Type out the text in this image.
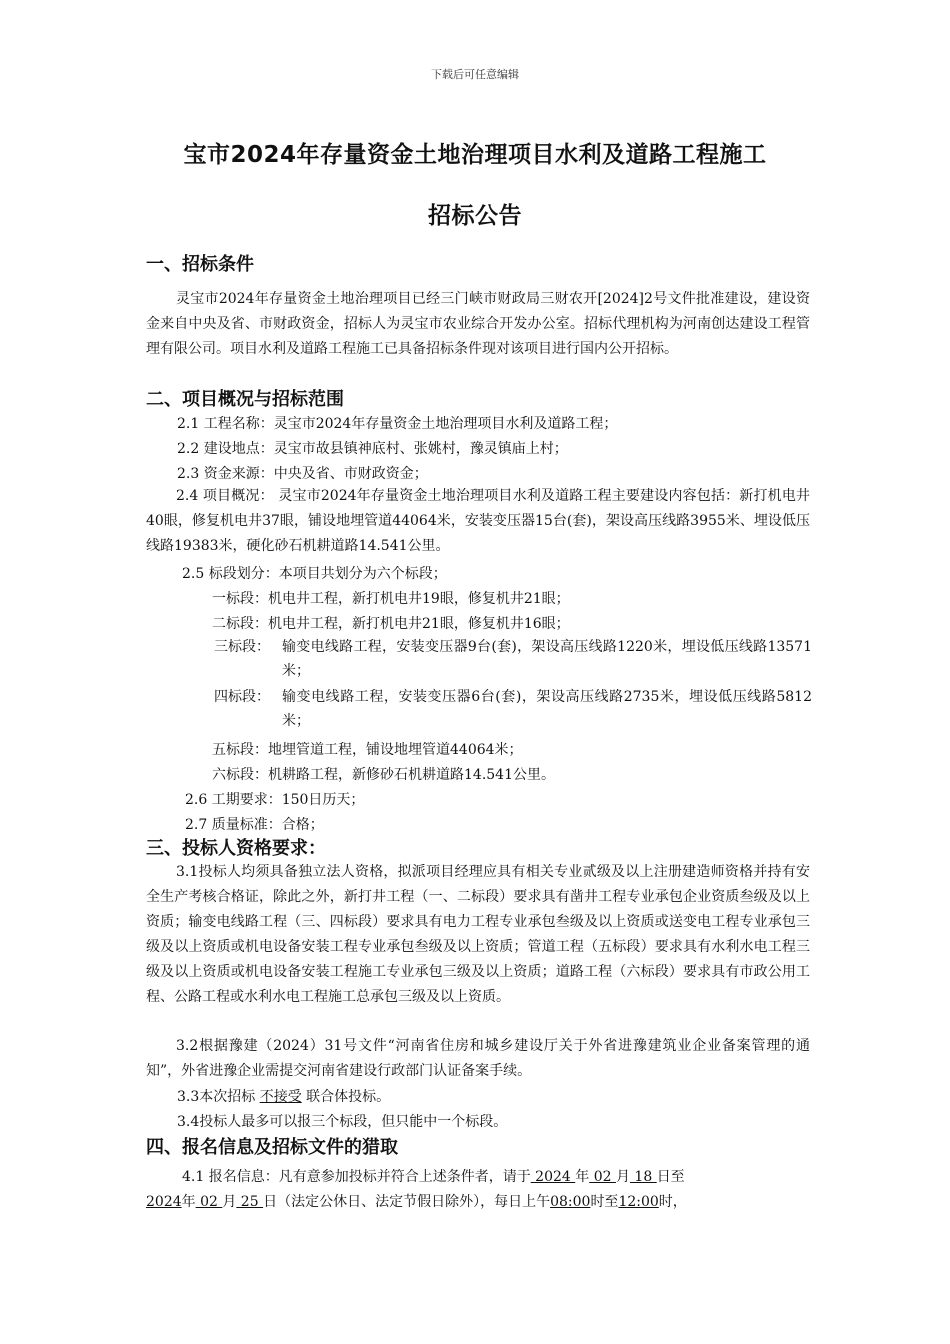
下载后可任意编辑
宝市2024年存量资金土地治理项目水利及道路工程施工
招标公告
一、招标条件

灵宝市2024年存量资金土地治理项目已经三门峡市财政局三财农开[2024]2号文件批准建设，建设资金来自中央及省、市财政资金，招标人为灵宝市农业综合开发办公室。招标代理机构为河南创达建设工程管理有限公司。项目水利及道路工程施工已具备招标条件现对该项目进行国内公开招标。

二、项目概况与招标范围
2.1 工程名称：灵宝市2024年存量资金土地治理项目水利及道路工程；
2.2 建设地点：灵宝市故县镇神底村、张姚村，豫灵镇庙上村；
2.3 资金来源：中央及省、市财政资金；

2.4 项目概况： 灵宝市2024年存量资金土地治理项目水利及道路工程主要建设内容包括：新打机电井40眼，修复机电井37眼，铺设地埋管道44064米，安装变压器15台(套)，架设高压线路3955米、埋设低压线路19383米，硬化砂石机耕道路14.541公里。

2.5 标段划分：本项目共划分为六个标段；
一标段：机电井工程，新打机电井19眼，修复机井21眼；
二标段：机电井工程，新打机电井21眼，修复机井16眼；
三标段： 输变电线路工程，安装变压器9台(套)，架设高压线路1220米，埋设低压线路13571米；
四标段： 输变电线路工程，安装变压器6台(套)，架设高压线路2735米，埋设低压线路5812米；
五标段：地埋管道工程，铺设地埋管道44064米；
六标段：机耕路工程，新修砂石机耕道路14.541公里。
2.6 工期要求：150日历天；
2.7 质量标准：合格；
三、投标人资格要求：

3.1投标人均须具备独立法人资格，拟派项目经理应具有相关专业贰级及以上注册建造师资格并持有安全生产考核合格证，除此之外，新打井工程（一、二标段）要求具有凿井工程专业承包企业资质叁级及以上资质；输变电线路工程（三、四标段）要求具有电力工程专业承包叁级及以上资质或送变电工程专业承包三级及以上资质或机电设备安装工程专业承包叁级及以上资质；管道工程（五标段）要求具有水利水电工程三级及以上资质或机电设备安装工程施工专业承包三级及以上资质；道路工程（六标段）要求具有市政公用工程、公路工程或水利水电工程施工总承包三级及以上资质。

3.2根据豫建（2024）31号文件“河南省住房和城乡建设厅关于外省进豫建筑业企业备案管理的通知”，外省进豫企业需提交河南省建设行政部门认证备案手续。

3.3本次招标 不接受 联合体投标。
3.4投标人最多可以报三个标段，但只能中一个标段。
四、报名信息及招标文件的猎取
4.1 报名信息：凡有意参加投标并符合上述条件者，请于 2024 年 02 月 18 日至
2024年 02 月 25 日（法定公休日、法定节假日除外），每日上午08:00时至12:00时，
